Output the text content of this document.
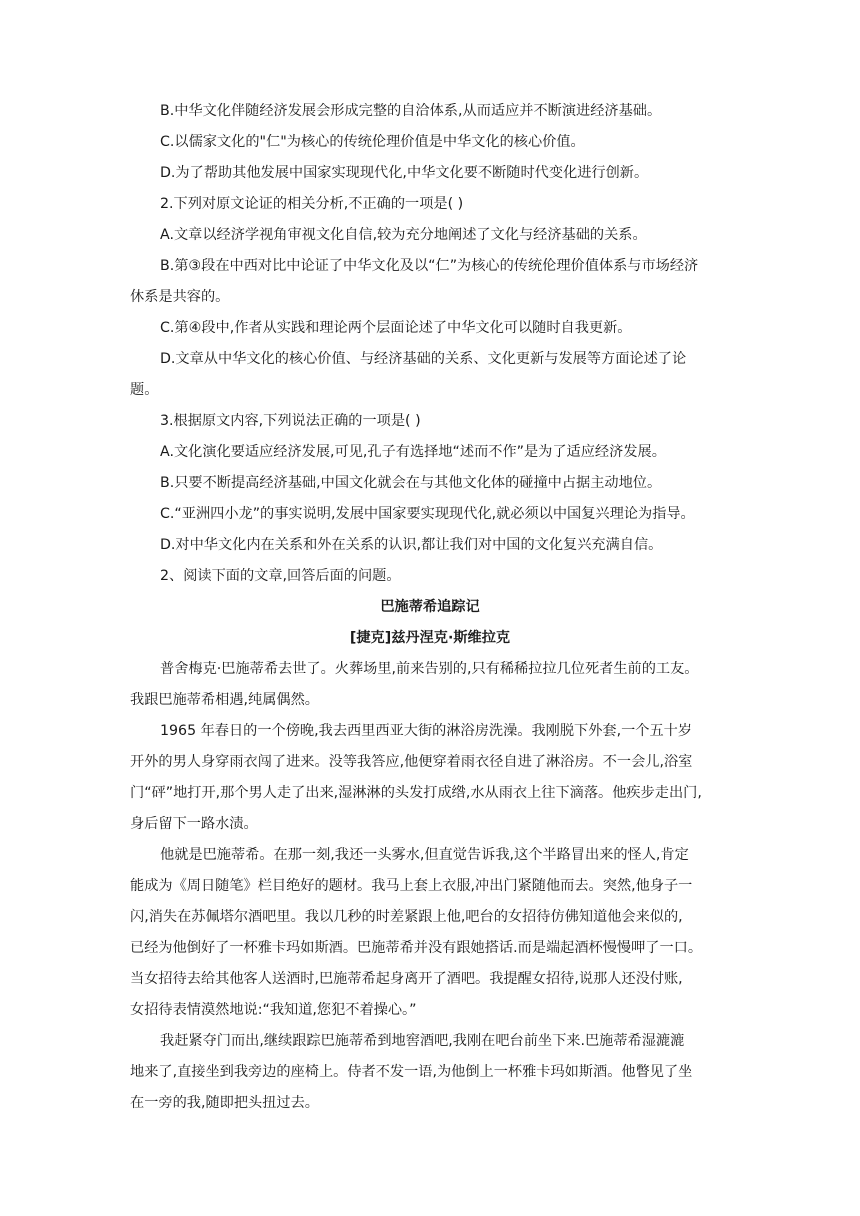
B.中华文化伴随经济发展会形成完整的自洽体系,从而适应并不断演进经济基础。
C.以儒家文化的"仁"为核心的传统伦理价值是中华文化的核心价值。
D.为了帮助其他发展中国家实现现代化,中华文化要不断随时代变化进行创新。
2.下列对原文论证的相关分析,不正确的一项是( )
A.文章以经济学视角审视文化自信,较为充分地阐述了文化与经济基础的关系。
B.第③段在中西对比中论证了中华文化及以“仁”为核心的传统伦理价值体系与市场经济
休系是共容的。
C.第④段中,作者从实践和理论两个层面论述了中华文化可以随时自我更新。
D.文章从中华文化的核心价值、与经济基础的关系、文化更新与发展等方面论述了论
题。
3.根据原文内容,下列说法正确的一项是( )
A.文化演化要适应经济发展,可见,孔子有选择地“述而不作”是为了适应经济发展。
B.只要不断提高经济基础,中国文化就会在与其他文化体的碰撞中占据主动地位。
C.“亚洲四小龙”的事实说明,发展中国家要实现现代化,就必须以中国复兴理论为指导。
D.对中华文化内在关系和外在关系的认识,都让我们对中国的文化复兴充满自信。
2、阅读下面的文章,回答后面的问题。
巴施蒂希追踪记
[捷克]兹丹涅克·斯维拉克
普舍梅克·巴施蒂希去世了。火葬场里,前来告别的,只有稀稀拉拉几位死者生前的工友。
我跟巴施蒂希相遇,纯属偶然。
1965 年春日的一个傍晚,我去西里西亚大街的淋浴房洗澡。我刚脱下外套,一个五十岁
开外的男人身穿雨衣闯了进来。没等我答应,他便穿着雨衣径自进了淋浴房。不一会儿,浴室
门“砰”地打开,那个男人走了出来,湿淋淋的头发打成绺,水从雨衣上往下滴落。他疾步走出门,
身后留下一路水渍。
他就是巴施蒂希。在那一刻,我还一头雾水,但直觉告诉我,这个半路冒出来的怪人,肯定
能成为《周日随笔》栏目绝好的题材。我马上套上衣服,冲出门紧随他而去。突然,他身子一
闪,消失在苏佩塔尔酒吧里。我以几秒的时差紧跟上他,吧台的女招待仿佛知道他会来似的,
已经为他倒好了一杯雅卡玛如斯酒。巴施蒂希并没有跟她搭话.而是端起酒杯慢慢呷了一口。
当女招待去给其他客人送酒时,巴施蒂希起身离开了酒吧。我提醒女招待,说那人还没付账,
女招待表情漠然地说:“我知道,您犯不着操心。”
我赶紧夺门而出,继续跟踪巴施蒂希到地窖酒吧,我刚在吧台前坐下来.巴施蒂希湿漉漉
地来了,直接坐到我旁边的座椅上。侍者不发一语,为他倒上一杯雅卡玛如斯酒。他瞥见了坐
在一旁的我,随即把头扭过去。
